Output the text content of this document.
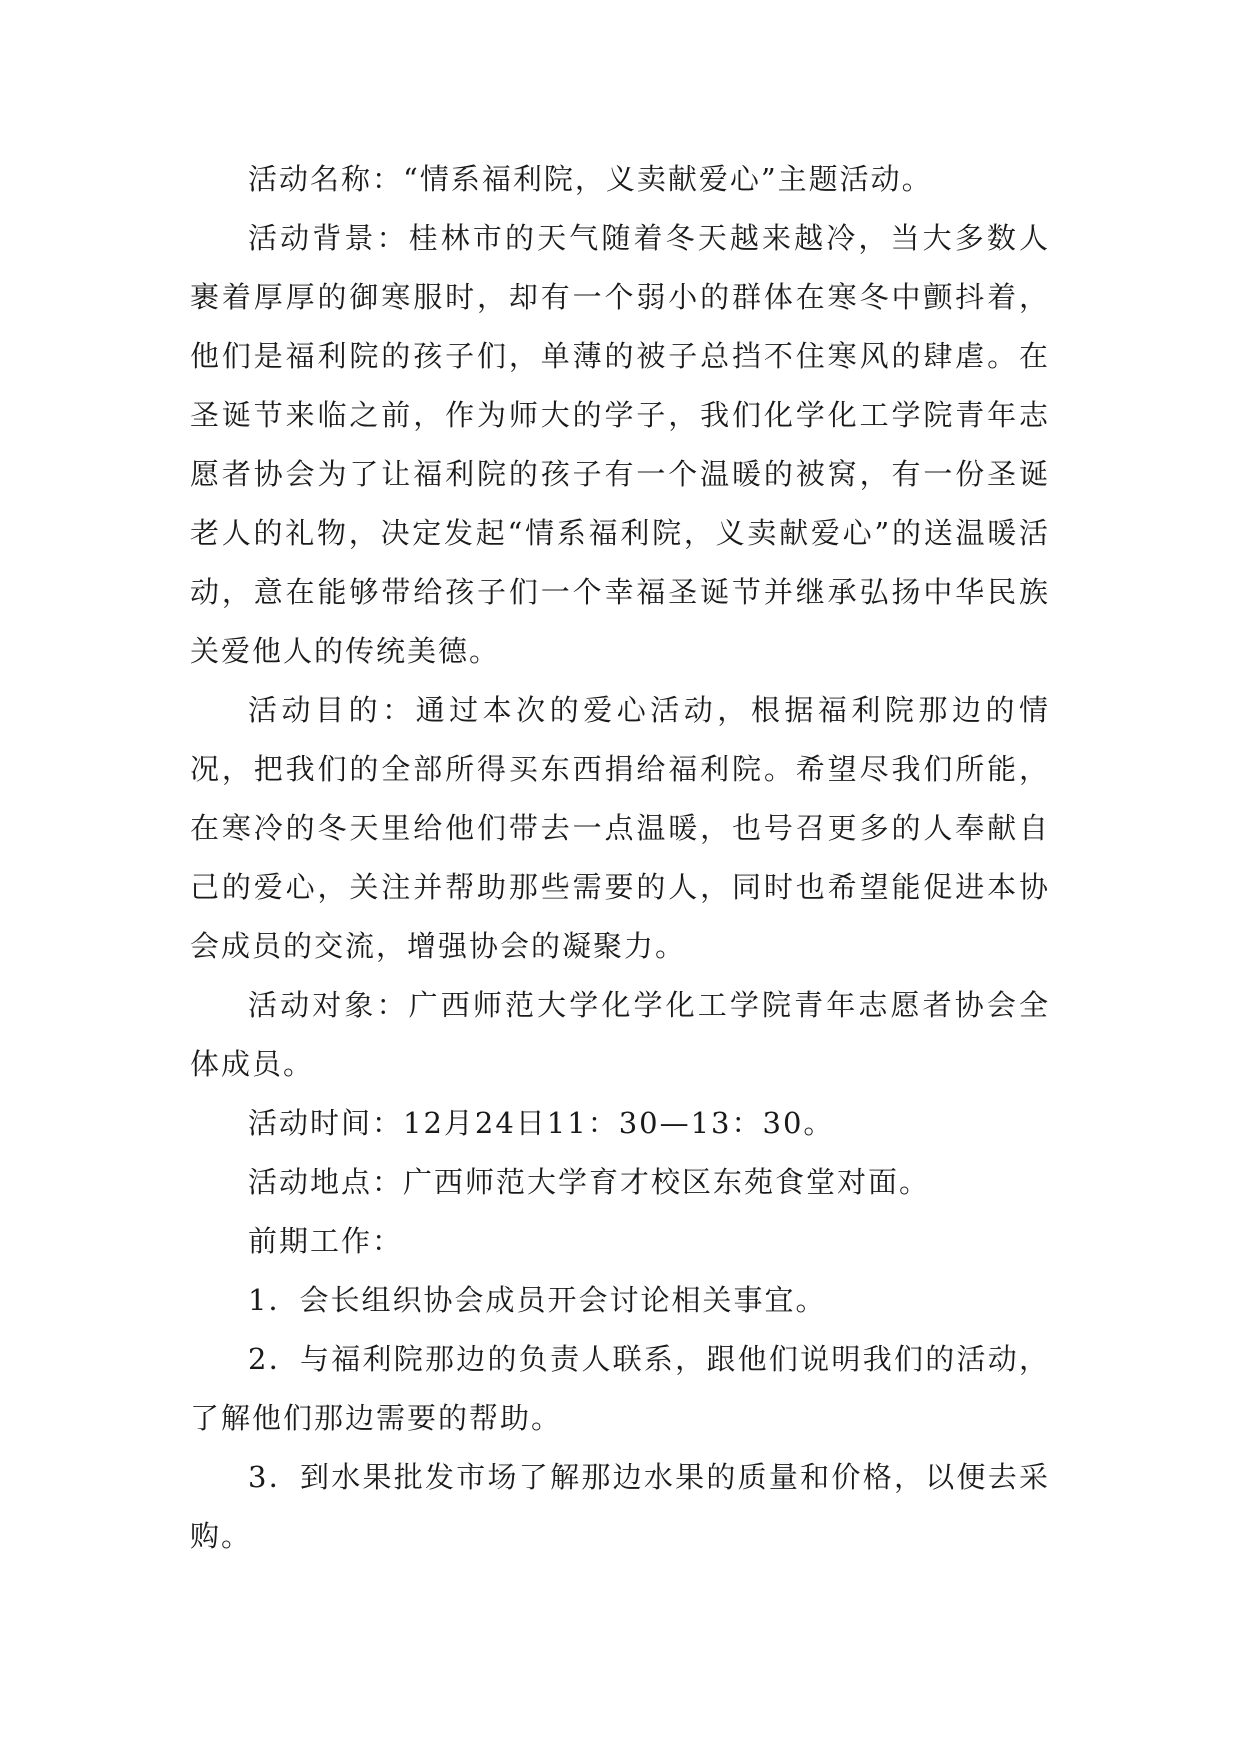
活动名称：“情系福利院，义卖献爱心”主题活动。

活动背景：桂林市的天气随着冬天越来越冷，当大多数人裹着厚厚的御寒服时，却有一个弱小的群体在寒冬中颤抖着，他们是福利院的孩子们，单薄的被子总挡不住寒风的肆虐。在圣诞节来临之前，作为师大的学子，我们化学化工学院青年志愿者协会为了让福利院的孩子有一个温暖的被窝，有一份圣诞老人的礼物，决定发起“情系福利院，义卖献爱心”的送温暖活动，意在能够带给孩子们一个幸福圣诞节并继承弘扬中华民族关爱他人的传统美德。

活动目的：通过本次的爱心活动，根据福利院那边的情况，把我们的全部所得买东西捐给福利院。希望尽我们所能，在寒冷的冬天里给他们带去一点温暖，也号召更多的人奉献自己的爱心，关注并帮助那些需要的人，同时也希望能促进本协会成员的交流，增强协会的凝聚力。

活动对象：广西师范大学化学化工学院青年志愿者协会全体成员。

活动时间：12月24日11：30—13：30。

活动地点：广西师范大学育才校区东苑食堂对面。

前期工作：

1．会长组织协会成员开会讨论相关事宜。

2．与福利院那边的负责人联系，跟他们说明我们的活动，了解他们那边需要的帮助。

3．到水果批发市场了解那边水果的质量和价格，以便去采购。
